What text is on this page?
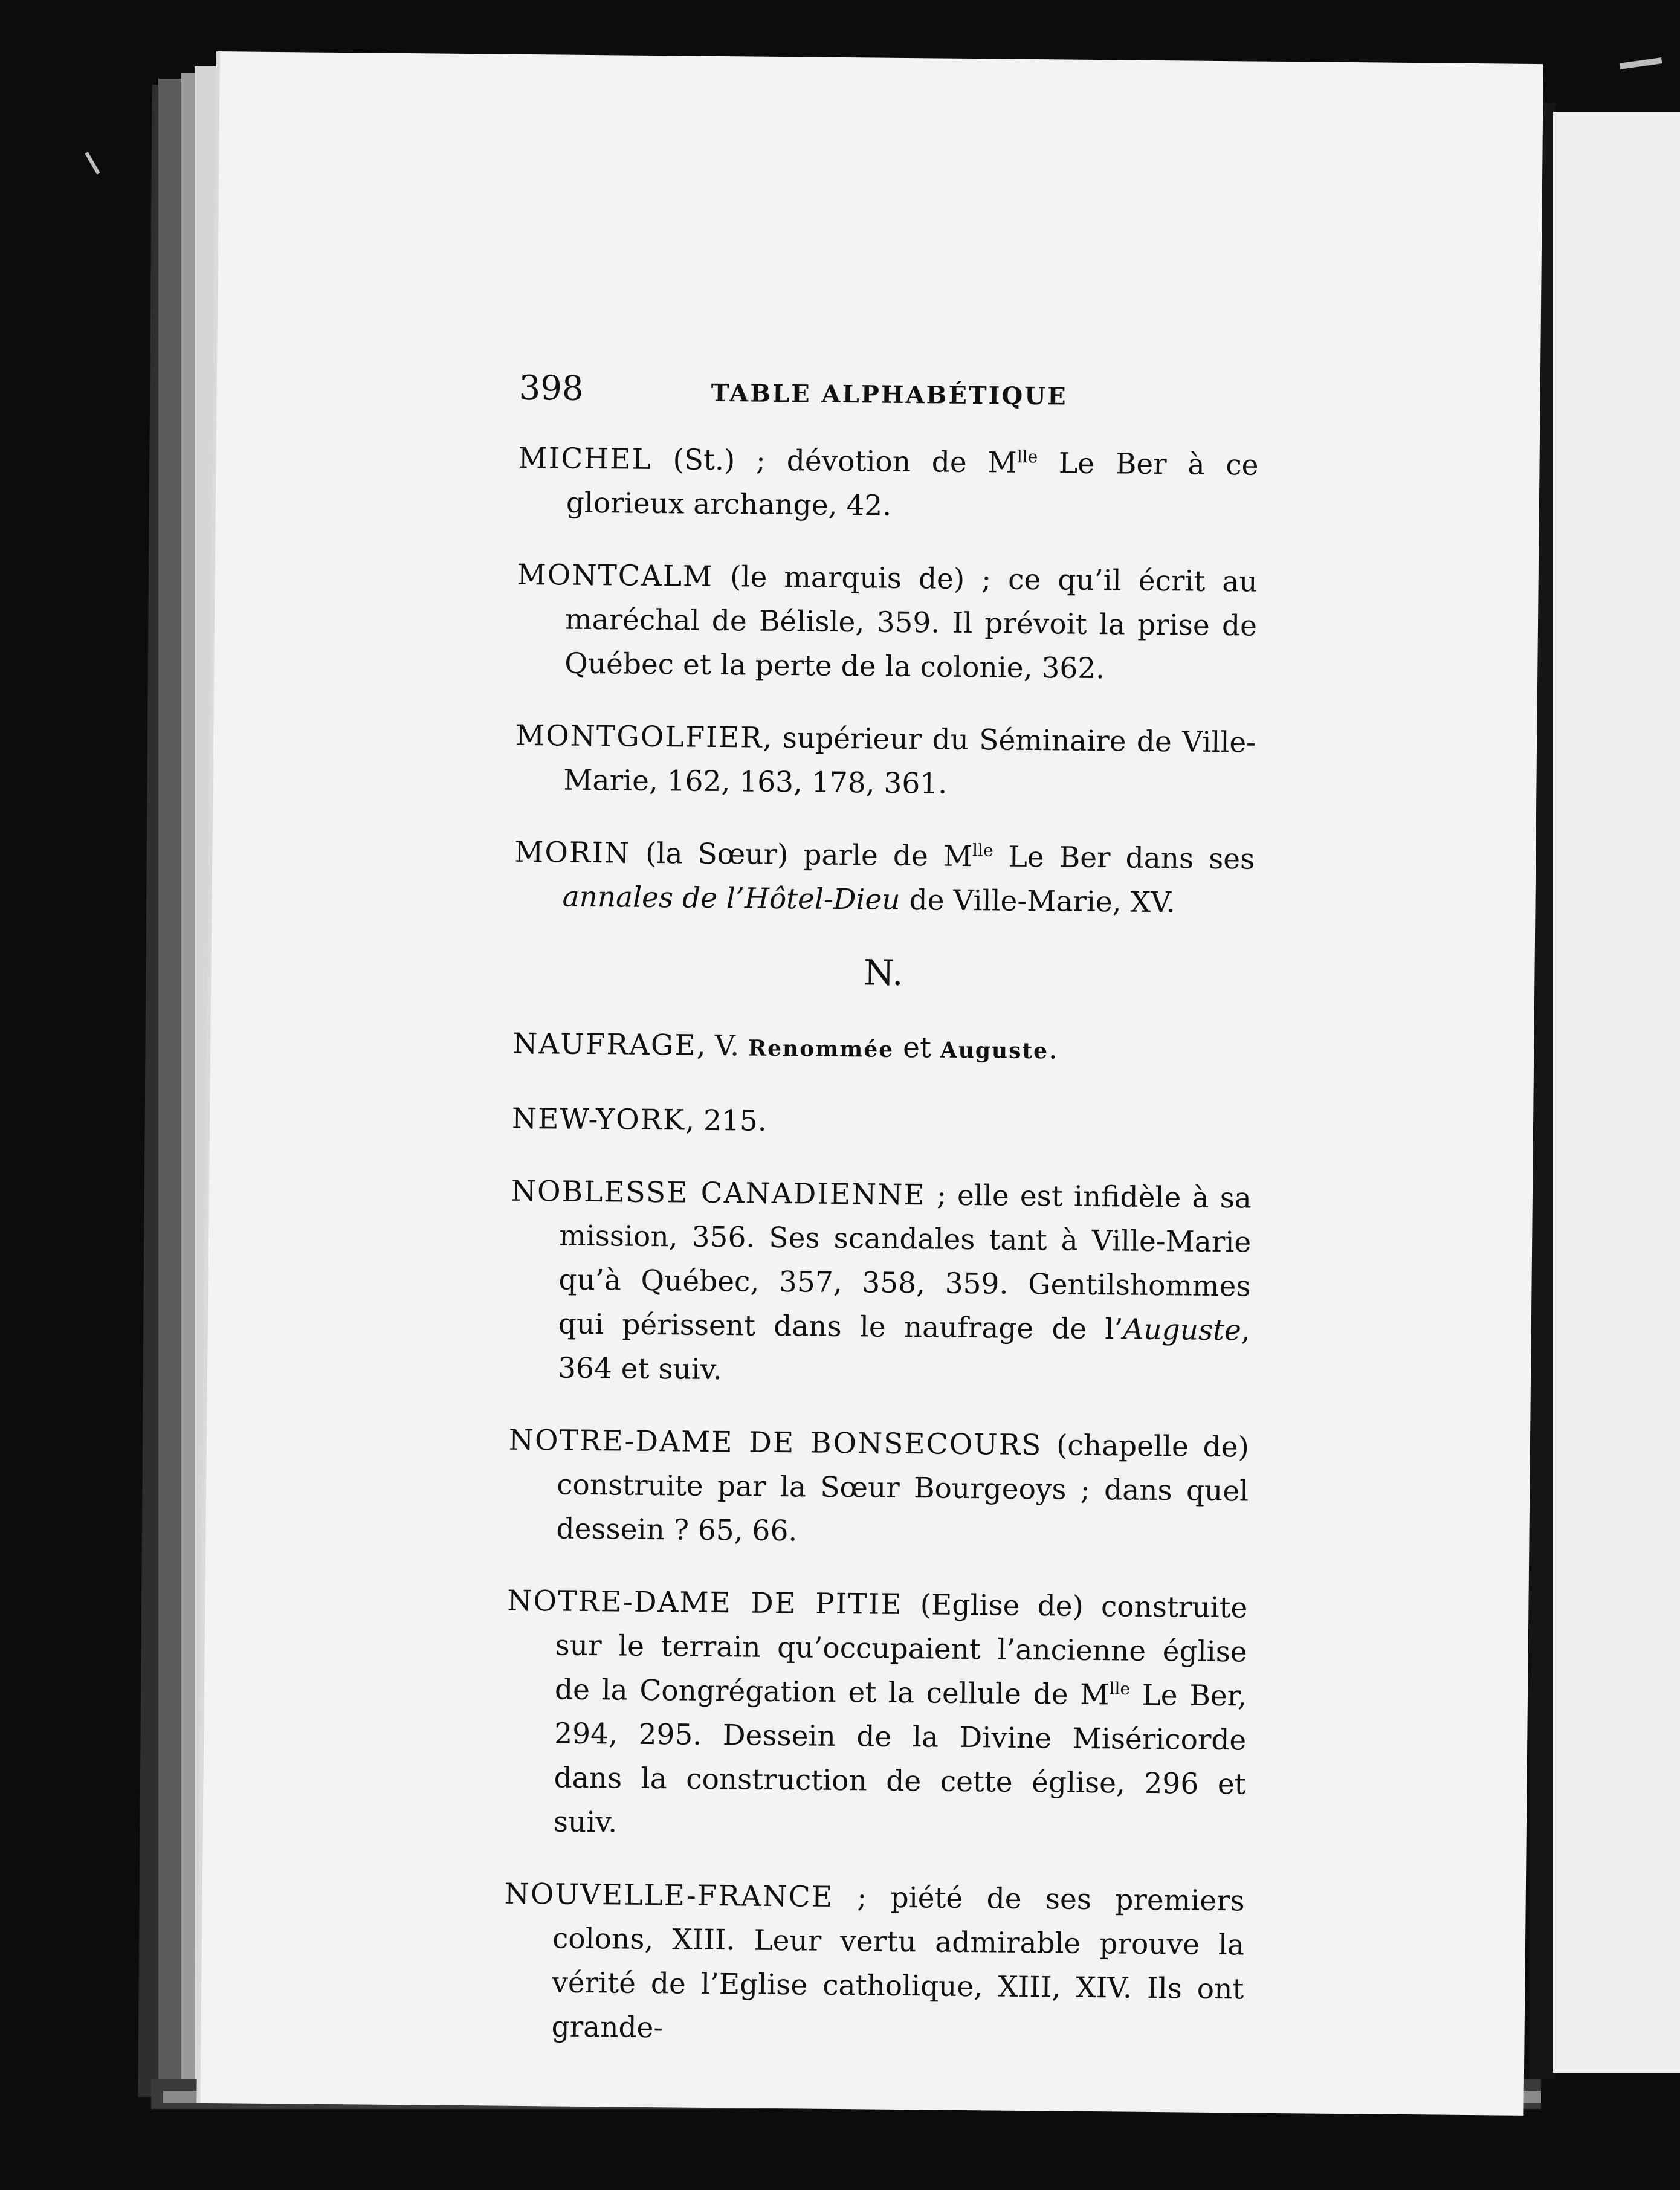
398	TABLE ALPHABÉTIQUE

MICHEL (St.) ; dévotion de $M^{lle}$ Le Ber à ce glorieux archange, 42.

MONTCALM (le marquis de) ; ce qu’il écrit au maréchal de Bélisle, 359. Il prévoit la prise de Québec et la perte de la colonie, 362.

MONTGOLFIER, supérieur du Séminaire de Ville-Marie, 162, 163, 178, 361.

MORIN (la Sœur) parle de $M^{lle}$ Le Ber dans ses annales de l’Hôtel-Dieu de Ville-Marie, XV.

N.

NAUFRAGE, V. Renommée et Auguste.

NEW-YORK, 215.

NOBLESSE CANADIENNE ; elle est infidèle à sa mission, 356. Ses scandales tant à Ville-Marie qu’à Québec, 357, 358, 359. Gentilshommes qui périssent dans le naufrage de l’Auguste, 364 et suiv.

NOTRE-DAME DE BONSECOURS (chapelle de) construite par la Sœur Bourgeoys ; dans quel dessein ? 65, 66.

NOTRE-DAME DE PITIE (Eglise de) construite sur le terrain qu’occupaient l’ancienne église de la Congrégation et la cellule de $M^{lle}$ Le Ber, 294, 295. Dessein de la Divine Miséricorde dans la construction de cette église, 296 et suiv.

NOUVELLE-FRANCE ; piété de ses premiers colons, XIII. Leur vertu admirable prouve la vérité de l’Eglise catholique, XIII, XIV. Ils ont grande-
